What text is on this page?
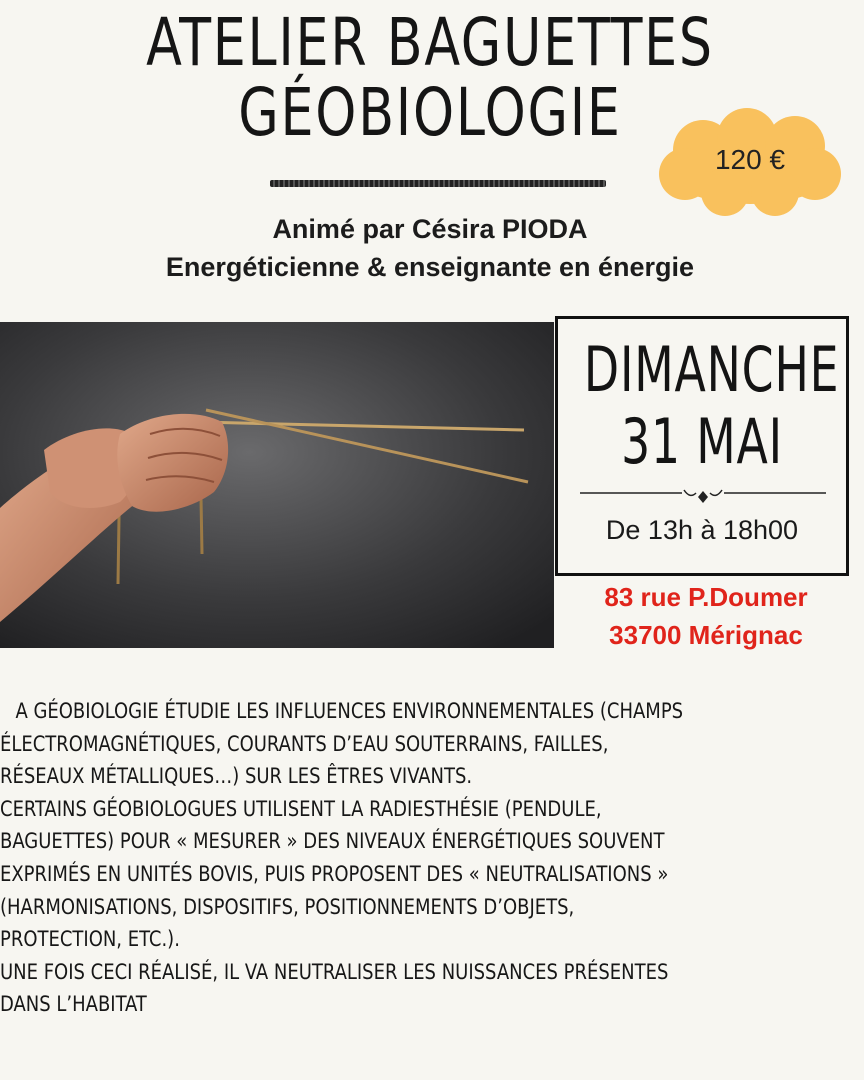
ATELIER BAGUETTES
GÉOBIOLOGIE
120 €
Animé par Césira PIODA
Energéticienne & enseignante en énergie
DIMANCHE
31 MAI
De 13h à 18h00
83 rue P.Doumer
33700 Mérignac
A GÉOBIOLOGIE ÉTUDIE LES INFLUENCES ENVIRONNEMENTALES (CHAMPS
ÉLECTROMAGNÉTIQUES, COURANTS D’EAU SOUTERRAINS, FAILLES,
RÉSEAUX MÉTALLIQUES…) SUR LES ÊTRES VIVANTS.
CERTAINS GÉOBIOLOGUES UTILISENT LA RADIESTHÉSIE (PENDULE,
BAGUETTES) POUR « MESURER » DES NIVEAUX ÉNERGÉTIQUES SOUVENT
EXPRIMÉS EN UNITÉS BOVIS, PUIS PROPOSENT DES « NEUTRALISATIONS »
(HARMONISATIONS, DISPOSITIFS, POSITIONNEMENTS D’OBJETS,
PROTECTION, ETC.).
UNE FOIS CECI RÉALISÉ, IL VA NEUTRALISER LES NUISSANCES PRÉSENTES
DANS L’HABITAT
